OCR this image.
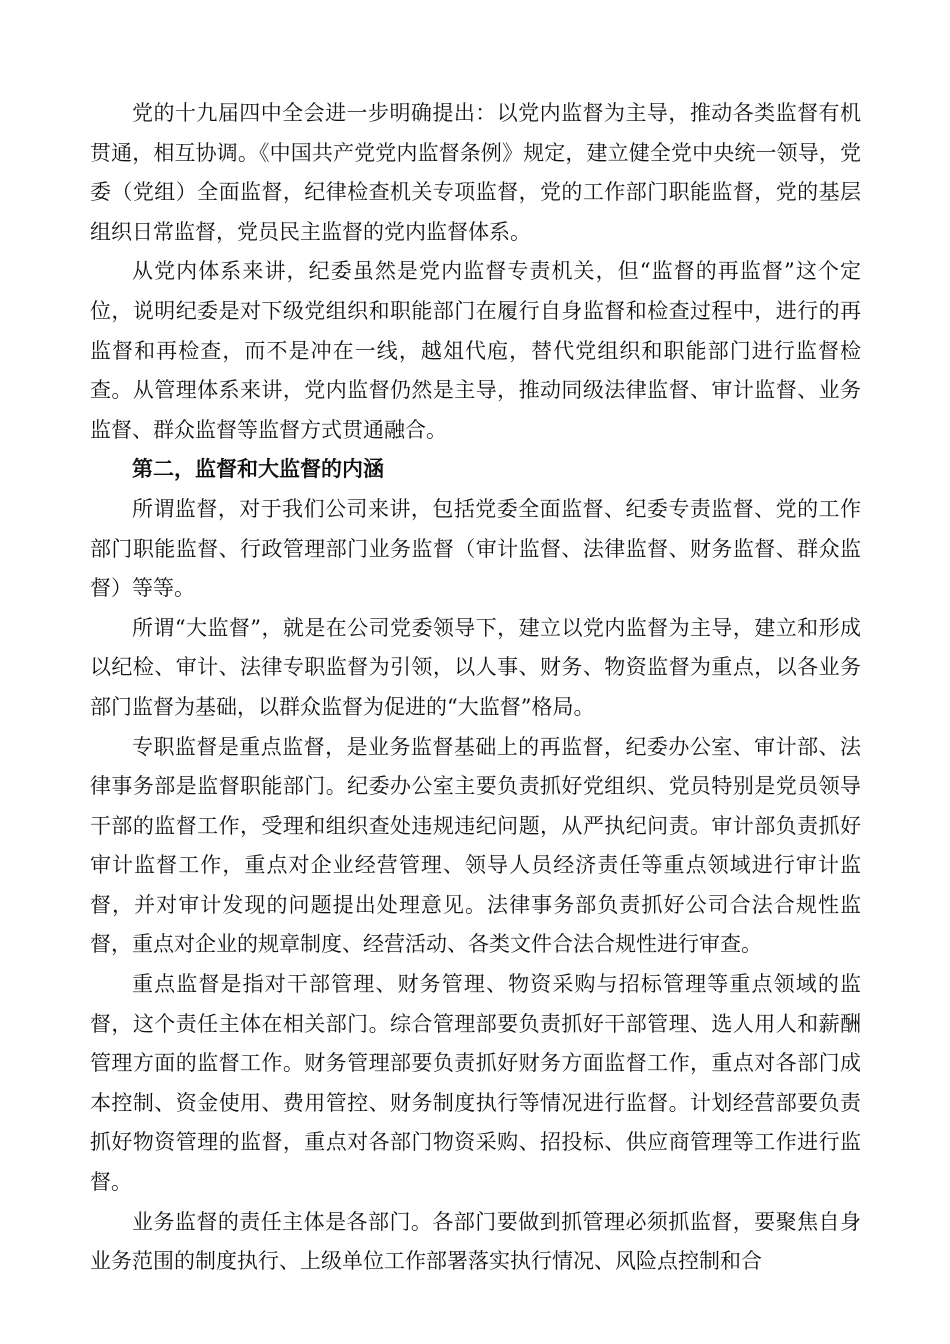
党的十九届四中全会进一步明确提出：以党内监督为主导，推动各类监督有机贯通，相互协调。《中国共产党党内监督条例》规定，建立健全党中央统一领导，党委（党组）全面监督，纪律检查机关专项监督，党的工作部门职能监督，党的基层组织日常监督，党员民主监督的党内监督体系。

从党内体系来讲，纪委虽然是党内监督专责机关，但“监督的再监督”这个定位，说明纪委是对下级党组织和职能部门在履行自身监督和检查过程中，进行的再监督和再检查，而不是冲在一线，越俎代庖，替代党组织和职能部门进行监督检查。从管理体系来讲，党内监督仍然是主导，推动同级法律监督、审计监督、业务监督、群众监督等监督方式贯通融合。

第二，监督和大监督的内涵

所谓监督，对于我们公司来讲，包括党委全面监督、纪委专责监督、党的工作部门职能监督、行政管理部门业务监督（审计监督、法律监督、财务监督、群众监督）等等。

所谓“大监督”，就是在公司党委领导下，建立以党内监督为主导，建立和形成以纪检、审计、法律专职监督为引领，以人事、财务、物资监督为重点，以各业务部门监督为基础，以群众监督为促进的“大监督”格局。

专职监督是重点监督，是业务监督基础上的再监督，纪委办公室、审计部、法律事务部是监督职能部门。纪委办公室主要负责抓好党组织、党员特别是党员领导干部的监督工作，受理和组织查处违规违纪问题，从严执纪问责。审计部负责抓好审计监督工作，重点对企业经营管理、领导人员经济责任等重点领域进行审计监督，并对审计发现的问题提出处理意见。法律事务部负责抓好公司合法合规性监督，重点对企业的规章制度、经营活动、各类文件合法合规性进行审查。

重点监督是指对干部管理、财务管理、物资采购与招标管理等重点领域的监督，这个责任主体在相关部门。综合管理部要负责抓好干部管理、选人用人和薪酬管理方面的监督工作。财务管理部要负责抓好财务方面监督工作，重点对各部门成本控制、资金使用、费用管控、财务制度执行等情况进行监督。计划经营部要负责抓好物资管理的监督，重点对各部门物资采购、招投标、供应商管理等工作进行监督。

业务监督的责任主体是各部门。各部门要做到抓管理必须抓监督，要聚焦自身业务范围的制度执行、上级单位工作部署落实执行情况、风险点控制和合
